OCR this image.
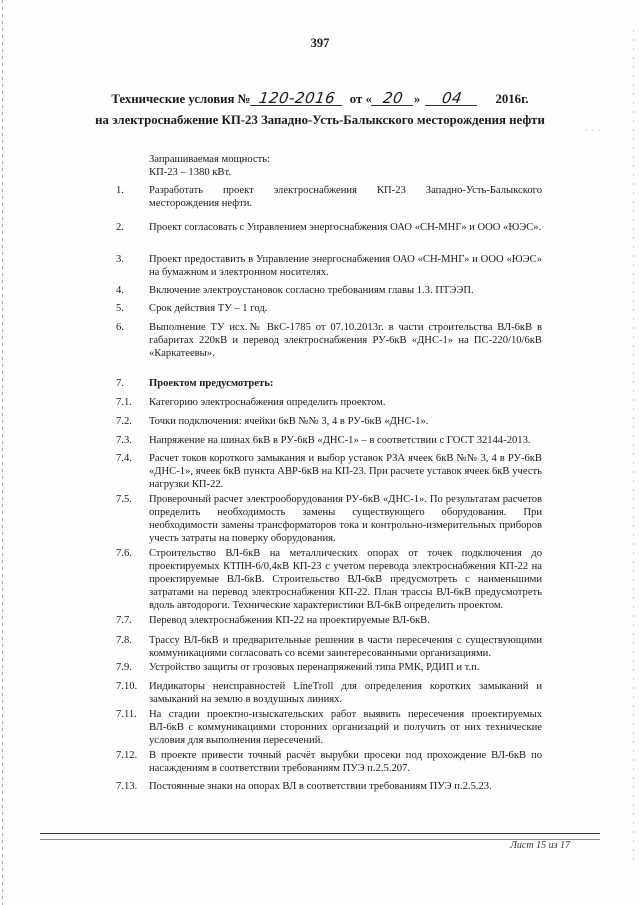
· · ·
397
Технические условия № 120-2016 от « 20 » 04 2016г.
на электроснабжение КП-23 Западно-Усть-Балыкского месторождения нефти
Запрашиваемая мощность:
КП-23 – 1380 кВт.
1. Разработать проект электроснабжения КП-23 Западно-Усть-Балыкского месторождения нефти.
2. Проект согласовать с Управлением энергоснабжения ОАО «СН-МНГ» и ООО «ЮЭС».
3. Проект предоставить в Управление энергоснабжения ОАО «СН-МНГ» и ООО «ЮЭС» на бумажном и электронном носителях.
4. Включение электроустановок согласно требованиям главы 1.3. ПТЭЭП.
5. Срок действия ТУ – 1 год.
6. Выполнение ТУ исх.№ ВкС-1785 от 07.10.2013г. в части строительства ВЛ-6кВ в габаритах 220кВ и перевод электроснабжения РУ-6кВ «ДНС-1» на ПС-220/10/6кВ «Каркатеевы».
7. Проектом предусмотреть:
7.1. Категорию электроснабжения определить проектом.
7.2. Точки подключения: ячейки 6кВ №№ 3, 4 в РУ-6кВ «ДНС-1».
7.3. Напряжение на шинах 6кВ в РУ-6кВ «ДНС-1» – в соответствии с ГОСТ 32144-2013.
7.4. Расчет токов короткого замыкания и выбор уставок РЗА ячеек 6кВ №№ 3, 4 в РУ-6кВ «ДНС-1», ячеек 6кВ пункта АВР-6кВ на КП-23. При расчете уставок ячеек 6кВ учесть нагрузки КП-22.
7.5. Проверочный расчет электрооборудования РУ-6кВ «ДНС-1». По результатам расчетов определить необходимость замены существующего оборудования. При необходимости замены трансформаторов тока и контрольно-измерительных приборов учесть затраты на поверку оборудования.
7.6. Строительство ВЛ-6кВ на металлических опорах от точек подключения до проектируемых КТПН-6/0,4кВ КП-23 с учетом перевода электроснабжения КП-22 на проектируемые ВЛ-6кВ. Строительство ВЛ-6кВ предусмотреть с наименьшими затратами на перевод электроснабжения КП-22. План трассы ВЛ-6кВ предусмотреть вдоль автодороги. Технические характеристики ВЛ-6кВ определить проектом.
7.7. Перевод электроснабжения КП-22 на проектируемые ВЛ-6кВ.
7.8. Трассу ВЛ-6кВ и предварительные решения в части пересечения с существующими коммуникациями согласовать со всеми заинтересованными организациями.
7.9. Устройство защиты от грозовых перенапряжений типа РМК, РДИП и т.п.
7.10. Индикаторы неисправностей LineTroll для определения коротких замыканий и замыканий на землю в воздушных линиях.
7.11. На стадии проектно-изыскательских работ выявить пересечения проектируемых ВЛ-6кВ с коммуникациями сторонних организаций и получить от них технические условия для выполнения пересечений.
7.12. В проекте привести точный расчёт вырубки просеки под прохождение ВЛ-6кВ по насаждениям в соответствии требованиям ПУЭ п.2.5.207.
7.13. Постоянные знаки на опорах ВЛ в соответствии требованиям ПУЭ п.2.5.23.
Лист 15 из 17
